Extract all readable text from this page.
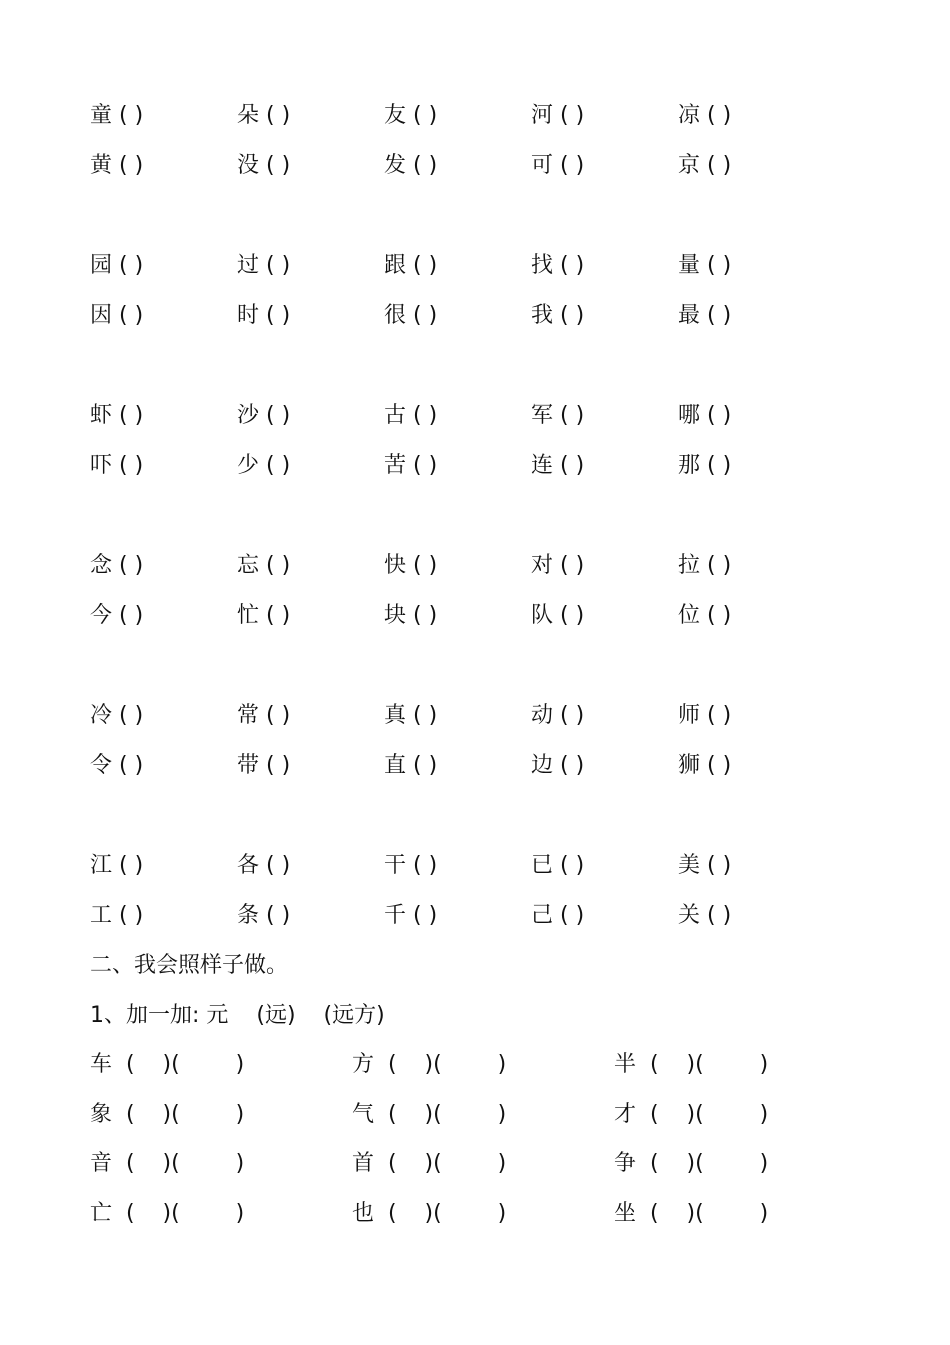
童 ( )	朵 ( )	友 ( )	河 ( )	凉 ( )
黄 ( )	没 ( )	发 ( )	可 ( )	京 ( )
园 ( )	过 ( )	跟 ( )	找 ( )	量 ( )
因 ( )	时 ( )	很 ( )	我 ( )	最 ( )
虾 ( )	沙 ( )	古 ( )	军 ( )	哪 ( )
吓 ( )	少 ( )	苦 ( )	连 ( )	那 ( )
念 ( )	忘 ( )	快 ( )	对 ( )	拉 ( )
今 ( )	忙 ( )	块 ( )	队 ( )	位 ( )
冷 ( )	常 ( )	真 ( )	动 ( )	师 ( )
令 ( )	带 ( )	直 ( )	边 ( )	狮 ( )
江 ( )	各 ( )	干 ( )	已 ( )	美 ( )
工 ( )	条 ( )	千 ( )	己 ( )	关 ( )
二、我会照样子做。
1、加一加: 元    (远)    (远方)
车  (    )(        )	方  (    )(        )	半  (    )(        )
象  (    )(        )	气  (    )(        )	才  (    )(        )
音  (    )(        )	首  (    )(        )	争  (    )(        )
亡  (    )(        )	也  (    )(        )	坐  (    )(        )
